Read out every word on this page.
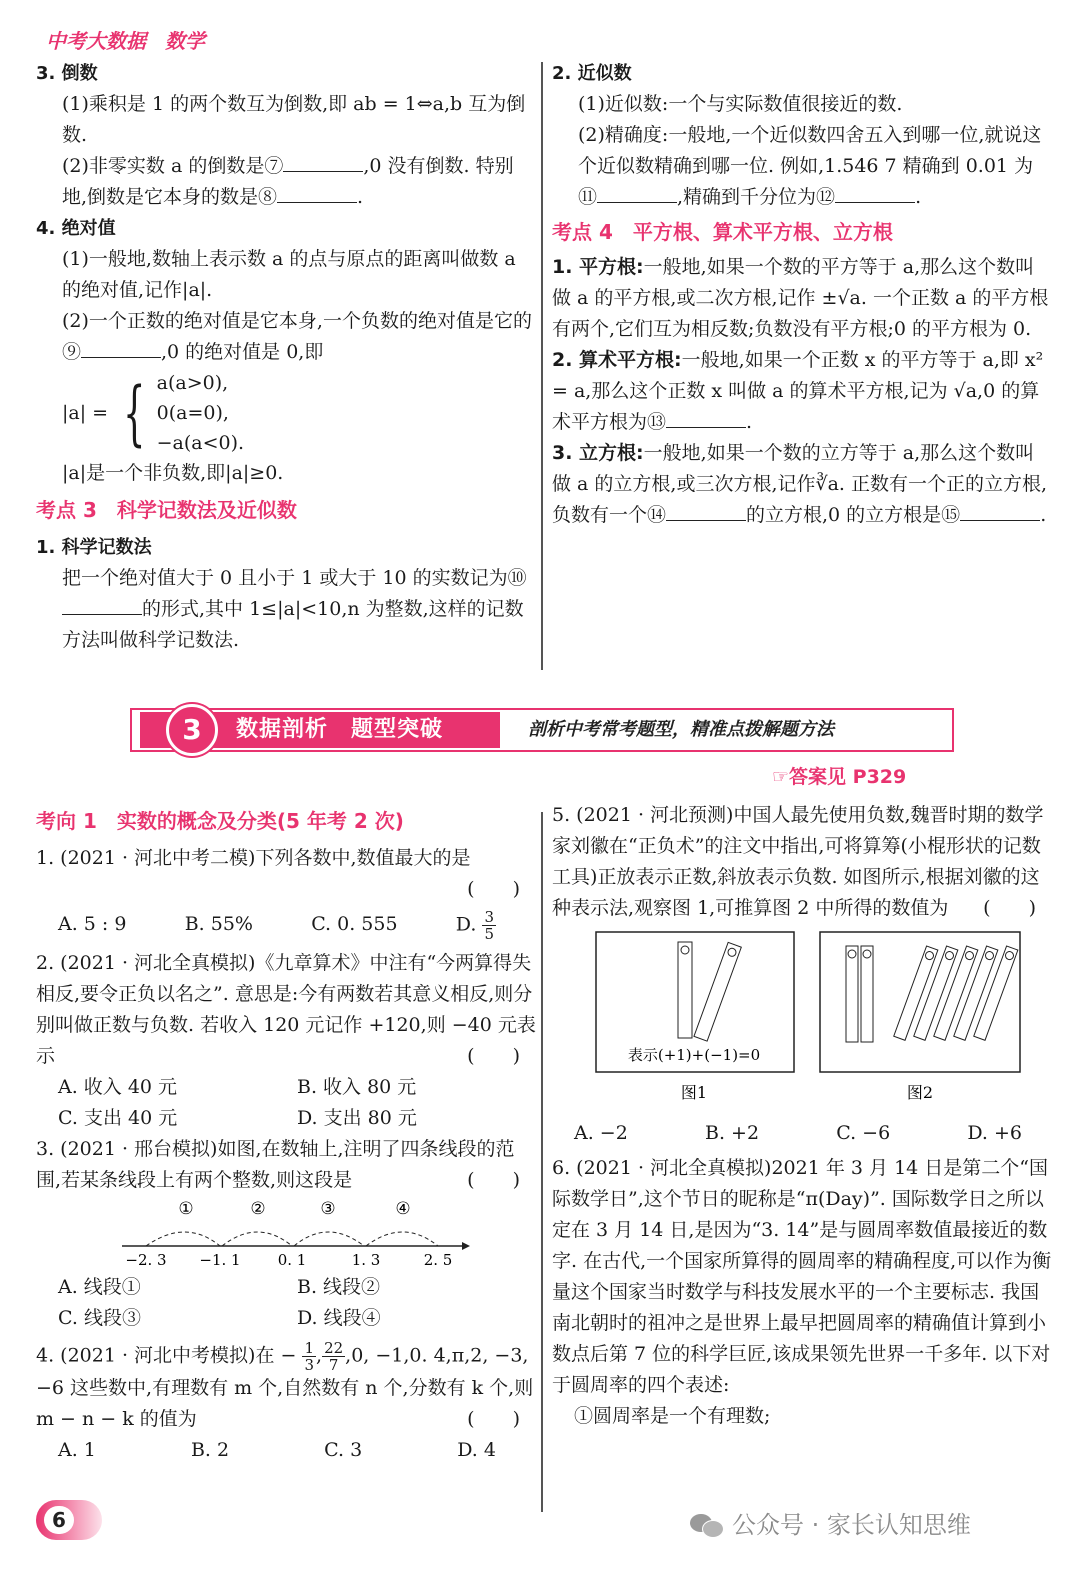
中考大数据 数学
3. 倒数
(1)乘积是 1 的两个数互为倒数,即 ab = 1⇔a,b 互为倒数.
(2)非零实数 a 的倒数是⑦	,0 没有倒数. 特别地,倒数是它本身的数是⑧	.
4. 绝对值
(1)一般地,数轴上表示数 a 的点与原点的距离叫做数 a 的绝对值,记作|a|.
(2)一个正数的绝对值是它本身,一个负数的绝对值是它的⑨	,0 的绝对值是 0,即
|a| = { a(a>0),
0(a=0),
−a(a<0).
|a|是一个非负数,即|a|≥0.
考点 3　科学记数法及近似数
1. 科学记数法
把一个绝对值大于 0 且小于 1 或大于 10 的实数记为⑩的形式,其中 1≤|a|<10,n 为整数,这样的记数方法叫做科学记数法.
2. 近似数
(1)近似数:一个与实际数值很接近的数.
(2)精确度:一般地,一个近似数四舍五入到哪一位,就说这个近似数精确到哪一位. 例如,1.546 7 精确到 0.01 为⑪	,精确到千分位为⑫	.
考点 4　平方根、算术平方根、立方根
1. 平方根:一般地,如果一个数的平方等于 a,那么这个数叫做 a 的平方根,或二次方根,记作 ±√a. 一个正数 a 的平方根有两个,它们互为相反数;负数没有平方根;0 的平方根为 0.
2. 算术平方根:一般地,如果一个正数 x 的平方等于 a,即 x² = a,那么这个正数 x 叫做 a 的算术平方根,记为 √a,0 的算术平方根为⑬	.
3. 立方根:一般地,如果一个数的立方等于 a,那么这个数叫做 a 的立方根,或三次方根,记作∛a. 正数有一个正的立方根,负数有一个⑭	的立方根,0 的立方根是⑮	.
3	数据剖析　题型突破	剖析中考常考题型，精准点拨解题方法
☞答案见 P329
考向 1　实数的概念及分类(5 年考 2 次)
1. (2021 · 河北中考二模)下列各数中,数值最大的是
(　　)
A. 5 : 9	B. 55%	C. 0. 555	D. $\frac{3}{5}$
2. (2021 · 河北全真模拟)《九章算术》中注有“今两算得失相反,要令正负以名之”. 意思是:今有两数若其意义相反,则分别叫做正数与负数. 若收入 120 元记作 +120,则 −40 元表示	(　　)
A. 收入 40 元	B. 收入 80 元
C. 支出 40 元	D. 支出 80 元
3. (2021 · 邢台模拟)如图,在数轴上,注明了四条线段的范围,若某条线段上有两个整数,则这段是	(　　)
①	②	③	④
−2. 3 −1. 1 0. 1	1. 3	2. 5
A. 线段①	B. 线段②
C. 线段③	D. 线段④
4. (2021 · 河北中考模拟)在 − $\frac{1}{3}$ , $\frac{22}{7} ,0$, −1,0. 4,π,2, −3, −6 这些数中,有理数有 m 个,自然数有 n 个,分数有 k 个,则 m − n − k 的值为	(　　)
A. 1	B. 2	C. 3	D. 4
5. (2021 · 河北预测)中国人最先使用负数,魏晋时期的数学家刘徽在“正负术”的注文中指出,可将算筹(小棍形状的记数工具)正放表示正数,斜放表示负数. 如图所示,根据刘徽的这种表示法,观察图 1,可推算图 2 中所得的数值为 (　　)
表示(+1)+(−1)=0
图1	图2
A. −2	B. +2	C. −6	D. +6
6. (2021 · 河北全真模拟)2021 年 3 月 14 日是第二个“国际数学日”,这个节日的昵称是“π(Day)”. 国际数学日之所以定在 3 月 14 日,是因为“3. 14”是与圆周率数值最接近的数字. 在古代,一个国家所算得的圆周率的精确程度,可以作为衡量这个国家当时数学与科技发展水平的一个主要标志. 我国南北朝时的祖冲之是世界上最早把圆周率的精确值计算到小数点后第 7 位的科学巨匠,该成果领先世界一千多年. 以下对于圆周率的四个表述:
①圆周率是一个有理数;
6	公众号 · 家长认知思维
